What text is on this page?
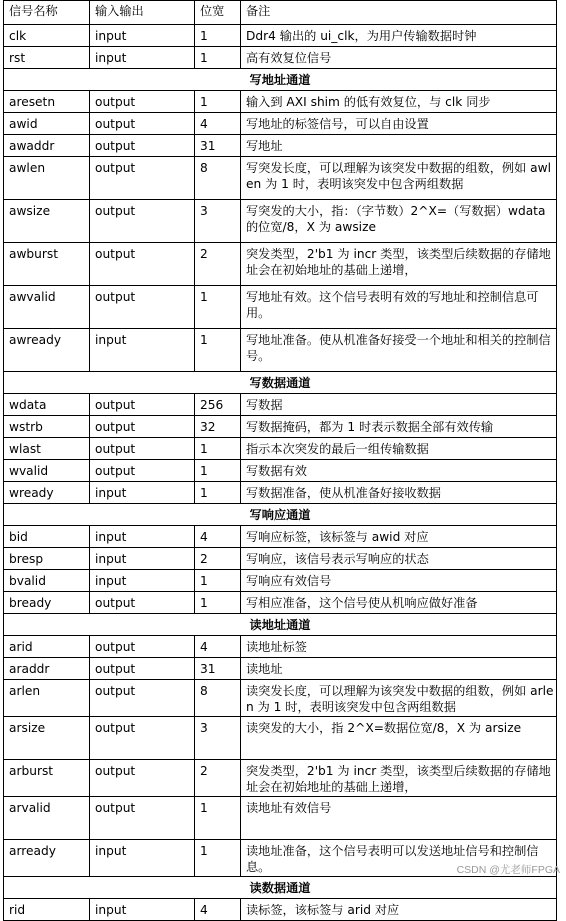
信号名称	输入输出	位宽	备注
clk	input	1	Ddr4 输出的 ui_clk，为用户传输数据时钟
rst	input	1	高有效复位信号
写地址通道			
aresetn	output	1	输入到 AXI shim 的低有效复位，与 clk 同步
awid	output	4	写地址的标签信号，可以自由设置
awaddr	output	31	写地址
awlen	output	8	写突发长度，可以理解为该突发中数据的组数，例如 awlen 为 1 时，表明该突发中包含两组数据
awsize	output	3	写突发的大小，指：（字节数）2^X=（写数据）wdata 的位宽/8，X 为 awsize
awburst	output	2	突发类型，2'b1 为 incr 类型，该类型后续数据的存储地址会在初始地址的基础上递增，
awvalid	output	1	写地址有效。这个信号表明有效的写地址和控制信息可用。
awready	input	1	写地址准备。使从机准备好接受一个地址和相关的控制信号。
写数据通道			
wdata	output	256	写数据
wstrb	output	32	写数据掩码，都为 1 时表示数据全部有效传输
wlast	output	1	指示本次突发的最后一组传输数据
wvalid	output	1	写数据有效
wready	input	1	写数据准备，使从机准备好接收数据
写响应通道			
bid	input	4	写响应标签，该标签与 awid 对应
bresp	input	2	写响应，该信号表示写响应的状态
bvalid	input	1	写响应有效信号
bready	output	1	写相应准备，这个信号使从机响应做好准备
读地址通道			
arid	output	4	读地址标签
araddr	output	31	读地址
arlen	output	8	读突发长度，可以理解为该突发中数据的组数，例如 arlen 为 1 时，表明该突发中包含两组数据
arsize	output	3	读突发的大小，指 2^X=数据位宽/8，X 为 arsize
arburst	output	2	突发类型，2'b1 为 incr 类型，该类型后续数据的存储地址会在初始地址的基础上递增，
arvalid	output	1	读地址有效信号
arready	input	1	读地址准备，这个信号表明可以发送地址信号和控制信息。
读数据通道			
rid	input	4	读标签，该标签与 arid 对应
CSDN @尤老师FPGA
